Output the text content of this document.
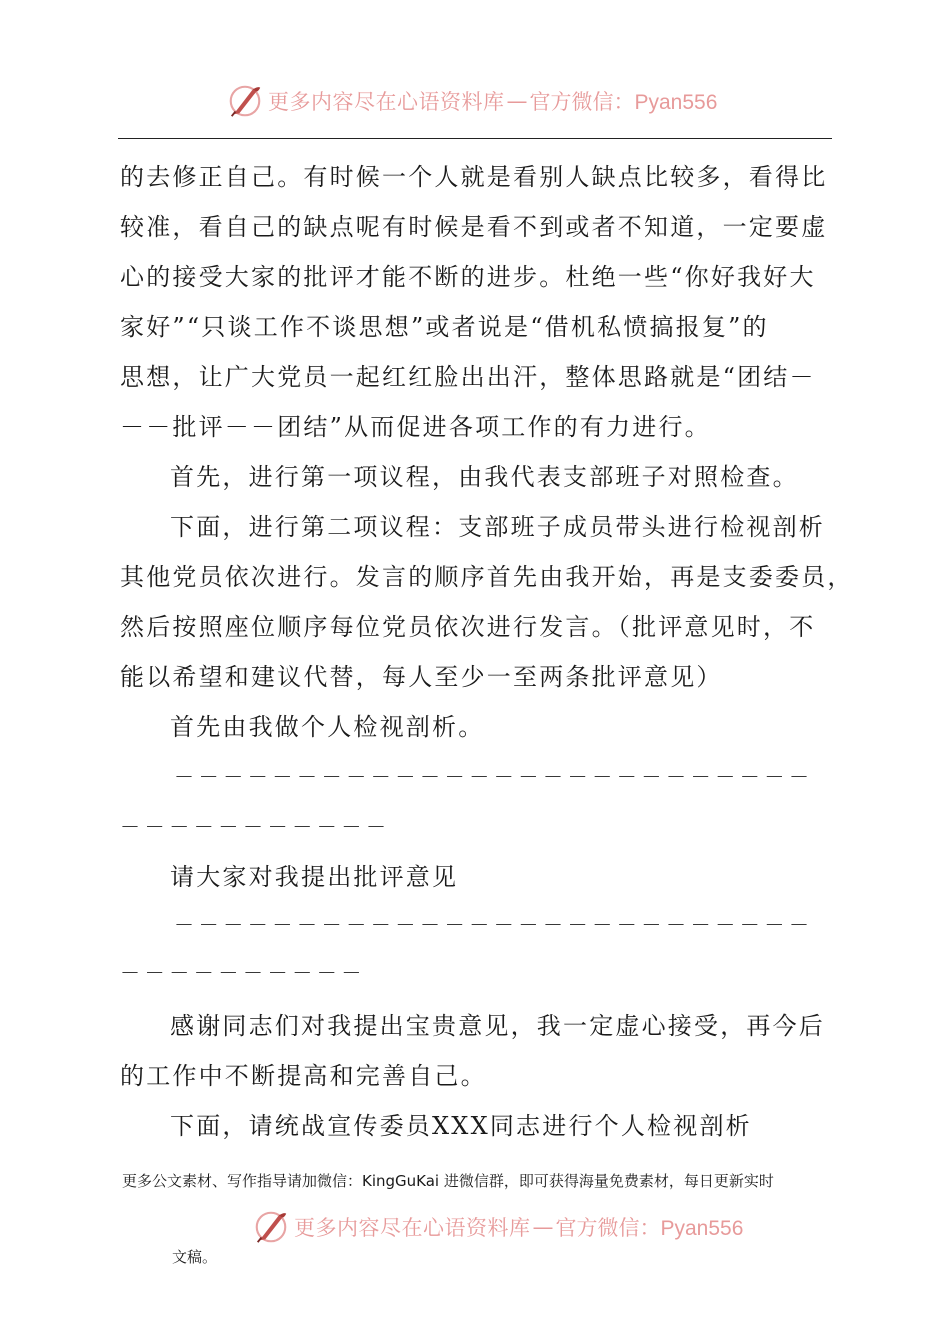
更多内容尽在心语资料库 — 官方微信：Pyan556
的去修正自己。有时候一个人就是看别人缺点比较多，看得比
较准，看自己的缺点呢有时候是看不到或者不知道，一定要虚
心的接受大家的批评才能不断的进步。杜绝一些“你好我好大
家好”“只谈工作不谈思想”或者说是“借机私愤搞报复”的
思想，让广大党员一起红红脸出出汗，整体思路就是“团结－
－－批评－－团结”从而促进各项工作的有力进行。
首先，进行第一项议程，由我代表支部班子对照检查。
下面，进行第二项议程：支部班子成员带头进行检视剖析
其他党员依次进行。发言的顺序首先由我开始，再是支委委员，
然后按照座位顺序每位党员依次进行发言。（批评意见时，不
能以希望和建议代替，每人至少一至两条批评意见）
首先由我做个人检视剖析。
－－－－－－－－－－－－－－－－－－－－－－－－－－
－－－－－－－－－－－
请大家对我提出批评意见
－－－－－－－－－－－－－－－－－－－－－－－－－－
－－－－－－－－－－
感谢同志们对我提出宝贵意见，我一定虚心接受，再今后
的工作中不断提高和完善自己。
下面，请统战宣传委员XXX同志进行个人检视剖析
更多公文素材、写作指导请加微信：KingGuKai 进微信群，即可获得海量免费素材，每日更新实时
更多内容尽在心语资料库 — 官方微信：Pyan556
文稿。
